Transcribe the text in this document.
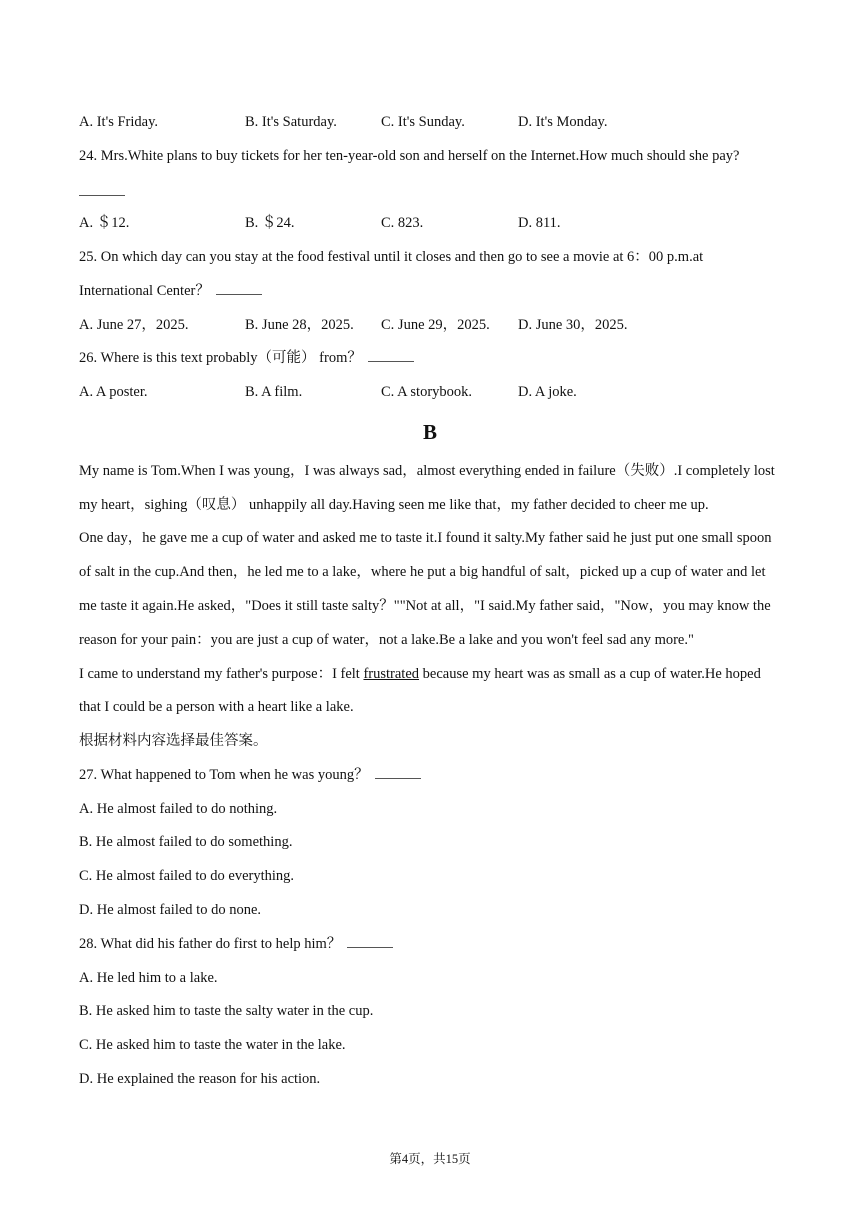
A. It's Friday.	B. It's Saturday.	C. It's Sunday.	D. It's Monday.
24. Mrs.White plans to buy tickets for her ten-year-old son and herself on the Internet.How much should she pay?
A. ＄12.	B. ＄24.	C. 823.	D. 811.
25. On which day can you stay at the food festival until it closes and then go to see a movie at 6：00 p.m.at
International Center？
A. June 27，2025.	B. June 28，2025. C. June 29，2025. D. June 30，2025.
26. Where is this text probably（可能） from？
A. A poster.	B. A film.	C. A storybook.	D. A joke.
B
My name is Tom.When I was young，I was always sad，almost everything ended in failure（失败）.I completely lost
my heart，sighing（叹息） unhappily all day.Having seen me like that，my father decided to cheer me up.
One day，he gave me a cup of water and asked me to taste it.I found it salty.My father said he just put one small spoon
of salt in the cup.And then，he led me to a lake，where he put a big handful of salt，picked up a cup of water and let
me taste it again.He asked，"Does it still taste salty？""Not at all，"I said.My father said，"Now，you may know the
reason for your pain：you are just a cup of water，not a lake.Be a lake and you won't feel sad any more."
I came to understand my father's purpose：I felt frustrated because my heart was as small as a cup of water.He hoped
that I could be a person with a heart like a lake.
根据材料内容选择最佳答案。
27. What happened to Tom when he was young？
A. He almost failed to do nothing.
B. He almost failed to do something.
C. He almost failed to do everything.
D. He almost failed to do none.
28. What did his father do first to help him？
A. He led him to a lake.
B. He asked him to taste the salty water in the cup.
C. He asked him to taste the water in the lake.
D. He explained the reason for his action.
第4页，共15页
